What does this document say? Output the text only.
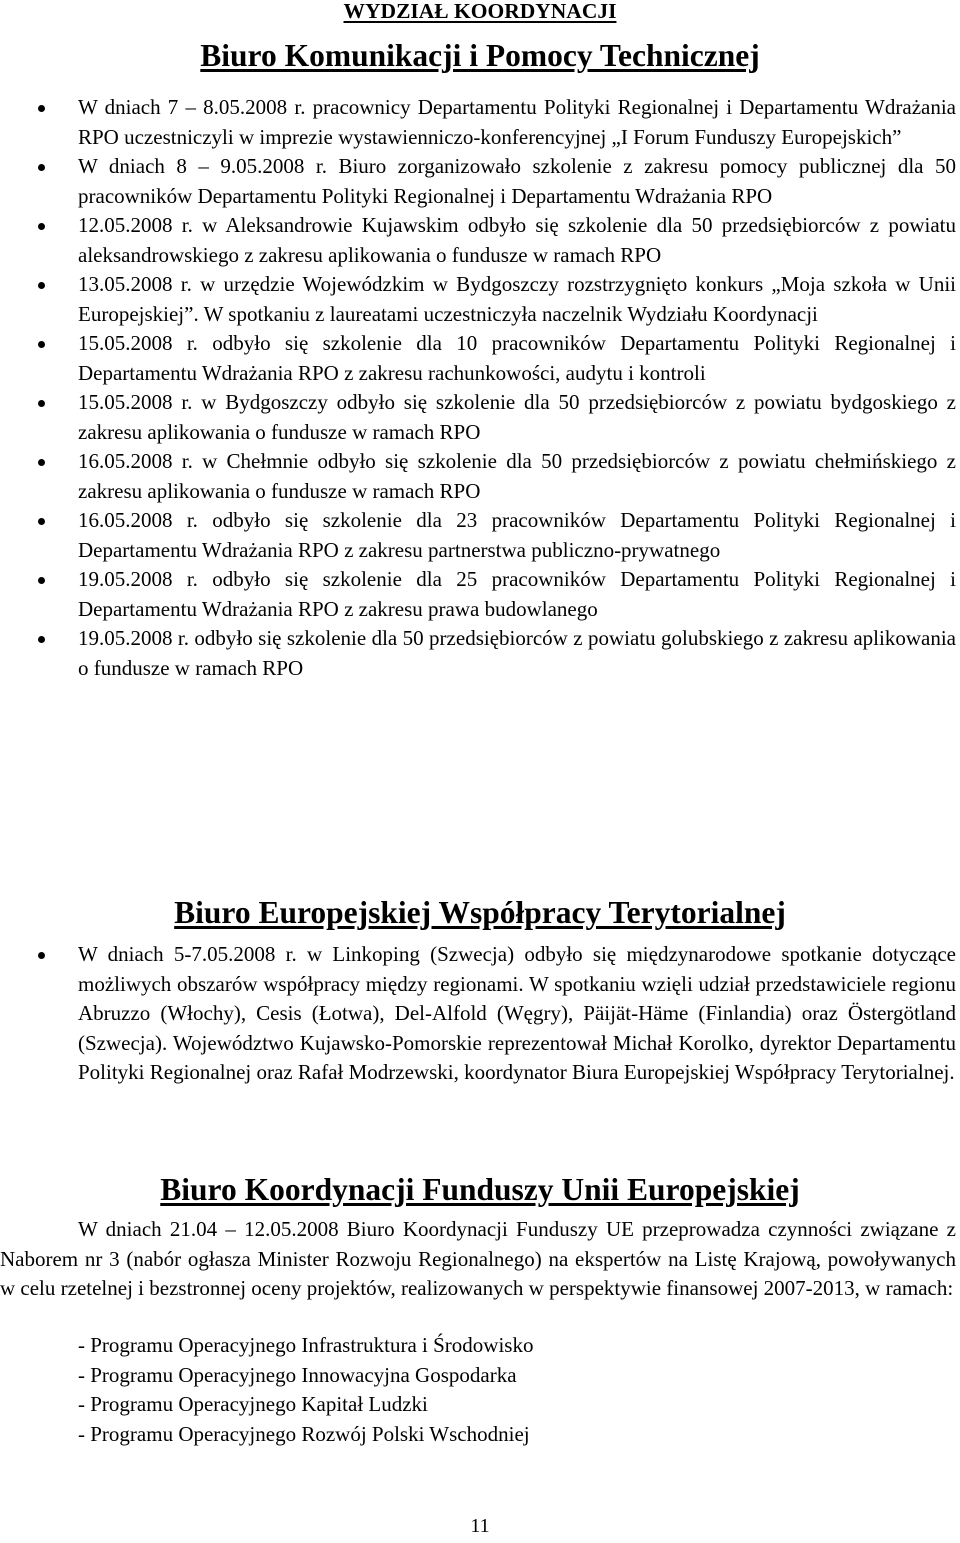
WYDZIAŁ KOORDYNACJI
Biuro Komunikacji i Pomocy Technicznej
W dniach 7 – 8.05.2008 r. pracownicy Departamentu Polityki Regionalnej i Departamentu Wdrażania RPO uczestniczyli w imprezie wystawienniczo-konferencyjnej „I Forum Funduszy Europejskich”
W dniach 8 – 9.05.2008 r. Biuro zorganizowało szkolenie z zakresu pomocy publicznej dla 50 pracowników Departamentu Polityki Regionalnej i Departamentu Wdrażania RPO
12.05.2008 r. w Aleksandrowie Kujawskim odbyło się szkolenie dla 50 przedsiębiorców z powiatu aleksandrowskiego z zakresu aplikowania o fundusze w ramach RPO
13.05.2008 r. w urzędzie Wojewódzkim w Bydgoszczy rozstrzygnięto konkurs „Moja szkoła w Unii Europejskiej”. W spotkaniu z laureatami uczestniczyła naczelnik Wydziału Koordynacji
15.05.2008 r. odbyło się szkolenie dla 10 pracowników Departamentu Polityki Regionalnej i Departamentu Wdrażania RPO z zakresu rachunkowości, audytu i kontroli
15.05.2008 r. w Bydgoszczy odbyło się szkolenie dla 50 przedsiębiorców z powiatu bydgoskiego z zakresu aplikowania o fundusze w ramach RPO
16.05.2008 r. w Chełmnie odbyło się szkolenie dla 50 przedsiębiorców z powiatu chełmińskiego z zakresu aplikowania o fundusze w ramach RPO
16.05.2008 r. odbyło się szkolenie dla 23 pracowników Departamentu Polityki Regionalnej i Departamentu Wdrażania RPO z zakresu partnerstwa publiczno-prywatnego
19.05.2008 r. odbyło się szkolenie dla 25 pracowników Departamentu Polityki Regionalnej i Departamentu Wdrażania RPO z zakresu prawa budowlanego
19.05.2008 r. odbyło się szkolenie dla 50 przedsiębiorców z powiatu golubskiego z zakresu aplikowania o fundusze w ramach RPO
Biuro Europejskiej Współpracy Terytorialnej
W dniach 5-7.05.2008 r. w Linkoping (Szwecja) odbyło się międzynarodowe spotkanie dotyczące możliwych obszarów współpracy między regionami. W spotkaniu wzięli udział przedstawiciele regionu Abruzzo (Włochy), Cesis (Łotwa), Del-Alfold (Węgry), Päijät-Häme (Finlandia) oraz Östergötland (Szwecja). Województwo Kujawsko-Pomorskie reprezentował Michał Korolko, dyrektor Departamentu Polityki Regionalnej oraz Rafał Modrzewski, koordynator Biura Europejskiej Współpracy Terytorialnej.
Biuro Koordynacji Funduszy Unii Europejskiej

W dniach 21.04 – 12.05.2008 Biuro Koordynacji Funduszy UE przeprowadza czynności związane z Naborem nr 3 (nabór ogłasza Minister Rozwoju Regionalnego) na ekspertów na Listę Krajową, powoływanych w celu rzetelnej i bezstronnej oceny projektów, realizowanych w perspektywie finansowej 2007-2013, w ramach:

- Programu Operacyjnego Infrastruktura i Środowisko
- Programu Operacyjnego Innowacyjna Gospodarka
- Programu Operacyjnego Kapitał Ludzki
- Programu Operacyjnego Rozwój Polski Wschodniej
11
